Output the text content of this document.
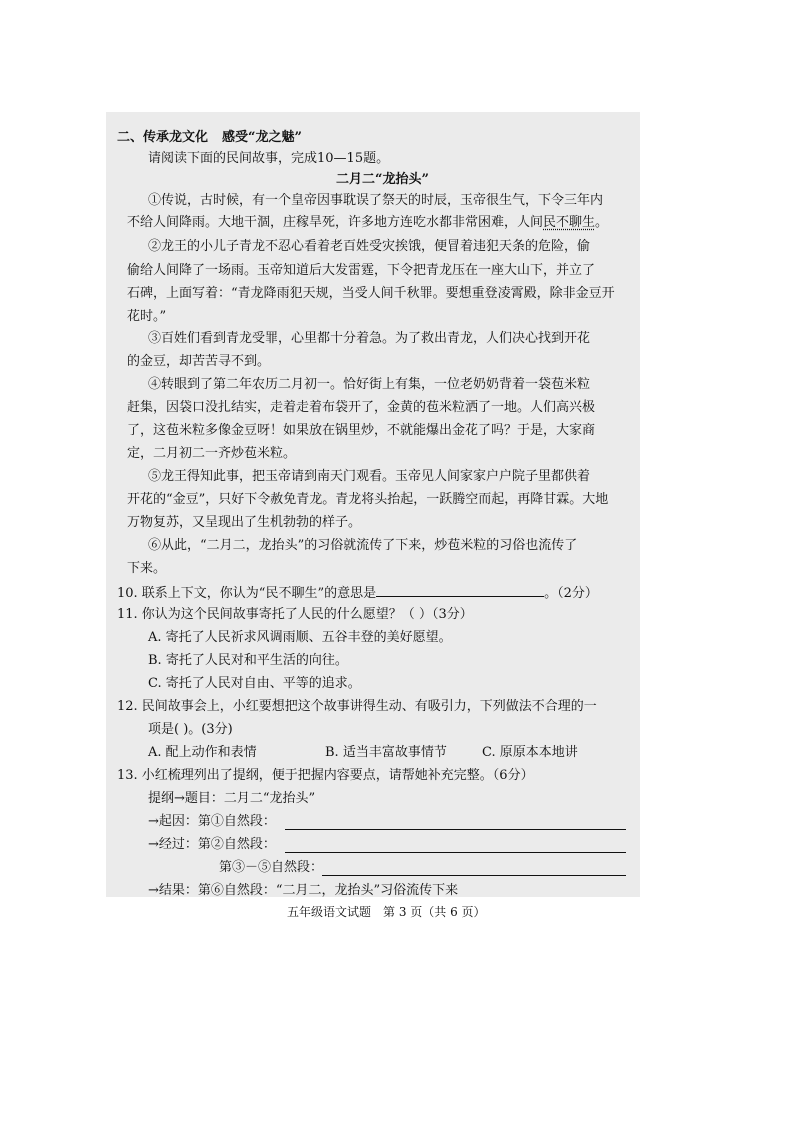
二、传承龙文化 感受“龙之魅”
请阅读下面的民间故事，完成10—15题。
二月二“龙抬头”
①传说，古时候，有一个皇帝因事耽误了祭天的时辰，玉帝很生气，下令三年内
不给人间降雨。大地干涸，庄稼旱死，许多地方连吃水都非常困难，人间民不聊生。
②龙王的小儿子青龙不忍心看着老百姓受灾挨饿，便冒着违犯天条的危险，偷
偷给人间降了一场雨。玉帝知道后大发雷霆，下令把青龙压在一座大山下，并立了
石碑，上面写着：“青龙降雨犯天规，当受人间千秋罪。要想重登凌霄殿，除非金豆开
花时。”
③百姓们看到青龙受罪，心里都十分着急。为了救出青龙，人们决心找到开花
的金豆，却苦苦寻不到。
④转眼到了第二年农历二月初一。恰好街上有集，一位老奶奶背着一袋苞米粒
赶集，因袋口没扎结实，走着走着布袋开了，金黄的苞米粒洒了一地。人们高兴极
了，这苞米粒多像金豆呀！如果放在锅里炒，不就能爆出金花了吗？于是，大家商
定，二月初二一齐炒苞米粒。
⑤龙王得知此事，把玉帝请到南天门观看。玉帝见人间家家户户院子里都供着
开花的“金豆”，只好下令赦免青龙。青龙将头抬起，一跃腾空而起，再降甘霖。大地
万物复苏，又呈现出了生机勃勃的样子。
⑥从此，“二月二，龙抬头”的习俗就流传了下来，炒苞米粒的习俗也流传了
下来。
10. 联系上下文，你认为“民不聊生”的意思是	。（2分）
11. 你认为这个民间故事寄托了人民的什么愿望？（ ）（3分）
A. 寄托了人民祈求风调雨顺、五谷丰登的美好愿望。
B. 寄托了人民对和平生活的向往。
C. 寄托了人民对自由、平等的追求。
12. 民间故事会上，小红要想把这个故事讲得生动、有吸引力，下列做法不合理的一
项是( )。(3分)
A. 配上动作和表情	B. 适当丰富故事情节	C. 原原本本地讲
13. 小红梳理列出了提纲，便于把握内容要点，请帮她补充完整。（6分）
提纲→题目：二月二“龙抬头”
→起因：第①自然段：
→经过：第②自然段：
第③－⑤自然段：
→结果：第⑥自然段：“二月二，龙抬头”习俗流传下来
五年级语文试题　第 3 页（共 6 页）
